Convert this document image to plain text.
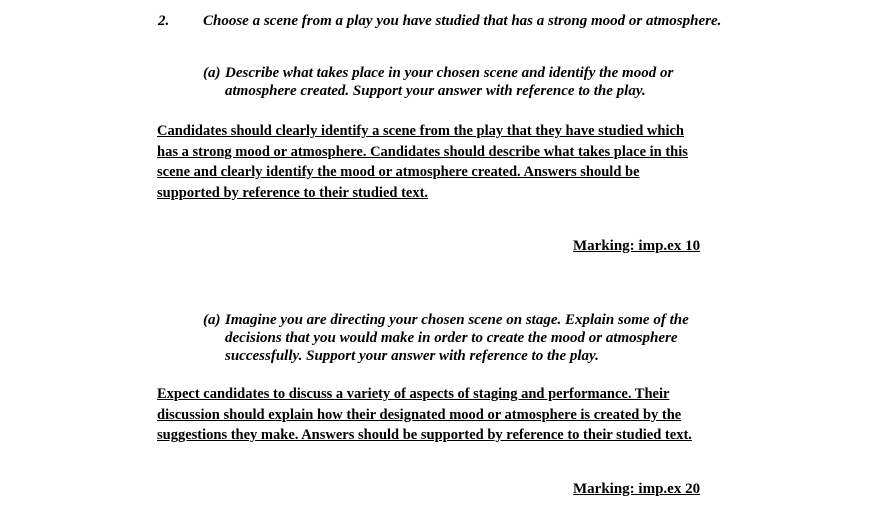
2. Choose a scene from a play you have studied that has a strong mood or atmosphere.
(a) Describe what takes place in your chosen scene and identify the mood or
atmosphere created. Support your answer with reference to the play.
Candidates should clearly identify a scene from the play that they have studied which
has a strong mood or atmosphere. Candidates should describe what takes place in this
scene and clearly identify the mood or atmosphere created. Answers should be
supported by reference to their studied text.
Marking: imp.ex 10
(a) Imagine you are directing your chosen scene on stage. Explain some of the
decisions that you would make in order to create the mood or atmosphere
successfully. Support your answer with reference to the play.
Expect candidates to discuss a variety of aspects of staging and performance. Their
discussion should explain how their designated mood or atmosphere is created by the
suggestions they make. Answers should be supported by reference to their studied text.
Marking: imp.ex 20
